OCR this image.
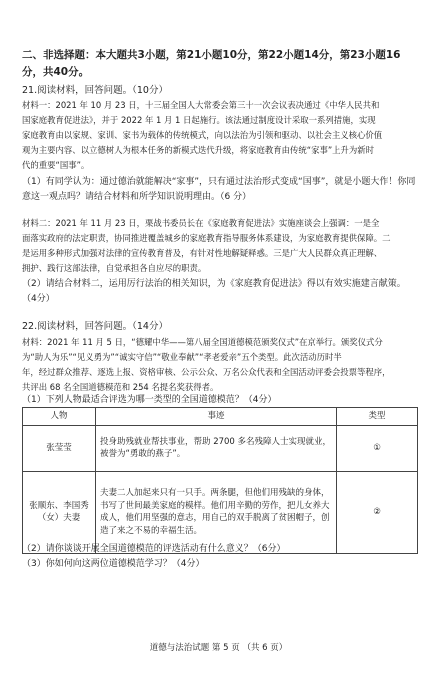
二、非选择题：本大题共3小题，第21小题10分，第22小题14分，第23小题16
分，共40分。
21.阅读材料，回答问题。（10分）
材料一：2021 年 10 月 23 日，十三届全国人大常委会第三十一次会议表决通过《中华人民共和
国家庭教育促进法》，并于 2022 年 1 月 1 日起施行。该法通过制度设计采取一系列措施，实现
家庭教育由以家规、家训、家书为载体的传统模式，向以法治为引领和驱动、以社会主义核心价值
观为主要内容、以立德树人为根本任务的新模式迭代升级，将家庭教育由传统“家事”上升为新时
代的重要“国事”。
（1）有同学认为：通过德治就能解决“家事”，只有通过法治形式变成“国事”，就是小题大作！你同
意这一观点吗？请结合材料和所学知识说明理由。（6 分）
材料二：2021 年 11 月 23 日，栗战书委员长在《家庭教育促进法》实施座谈会上强调：一是全
面落实政府的法定职责，协同推进覆盖城乡的家庭教育指导服务体系建设，为家庭教育提供保障。二
是运用多种形式加强对法律的宣传教育普及，有针对性地解疑释惑。三是广大人民群众真正理解、
拥护、践行这部法律，自觉承担各自应尽的职责。
（2）请结合材料二，运用厉行法治的相关知识，为《家庭教育促进法》得以有效实施建言献策。
（4分）
22.阅读材料，回答问题。（14分）
材料：2021 年 11 月 5 日，“德耀中华——第八届全国道德模范颁奖仪式”在京举行。颁奖仪式分
为“助人为乐”“见义勇为”“诚实守信”“敬业奉献”“孝老爱亲”五个类型。此次活动历时半
年，经过群众推荐、逐选上报、资格审核、公示公众、万名公众代表和全国活动评委会投票等程序，
共评出 68 名全国道德模范和 254 名提名奖获得者。
（1）下列人物最适合评选为哪一类型的全国道德模范？（4分）
人物	事迹	类型
张莹莹	投身助残就业帮扶事业，帮助 2700 多名残障人士实现就业，被誉为“勇敢的燕子”。	①
张顺东、李国秀（女）夫妻	夫妻二人加起来只有一只手。两条腿，但他们用残缺的身体，书写了世间最美家庭的模样。他们用辛勤的劳作，把儿女养大成人，他们用坚强的意志，用自己的双手脱离了贫困帽子，创造了来之不易的幸福生活。	②
（2）请你谈谈开展全国道德模范的评选活动有什么意义？（6分）
（3）你如何向这两位道德模范学习？（4分）
道德与法治试题 第 5 页 （共 6 页）
